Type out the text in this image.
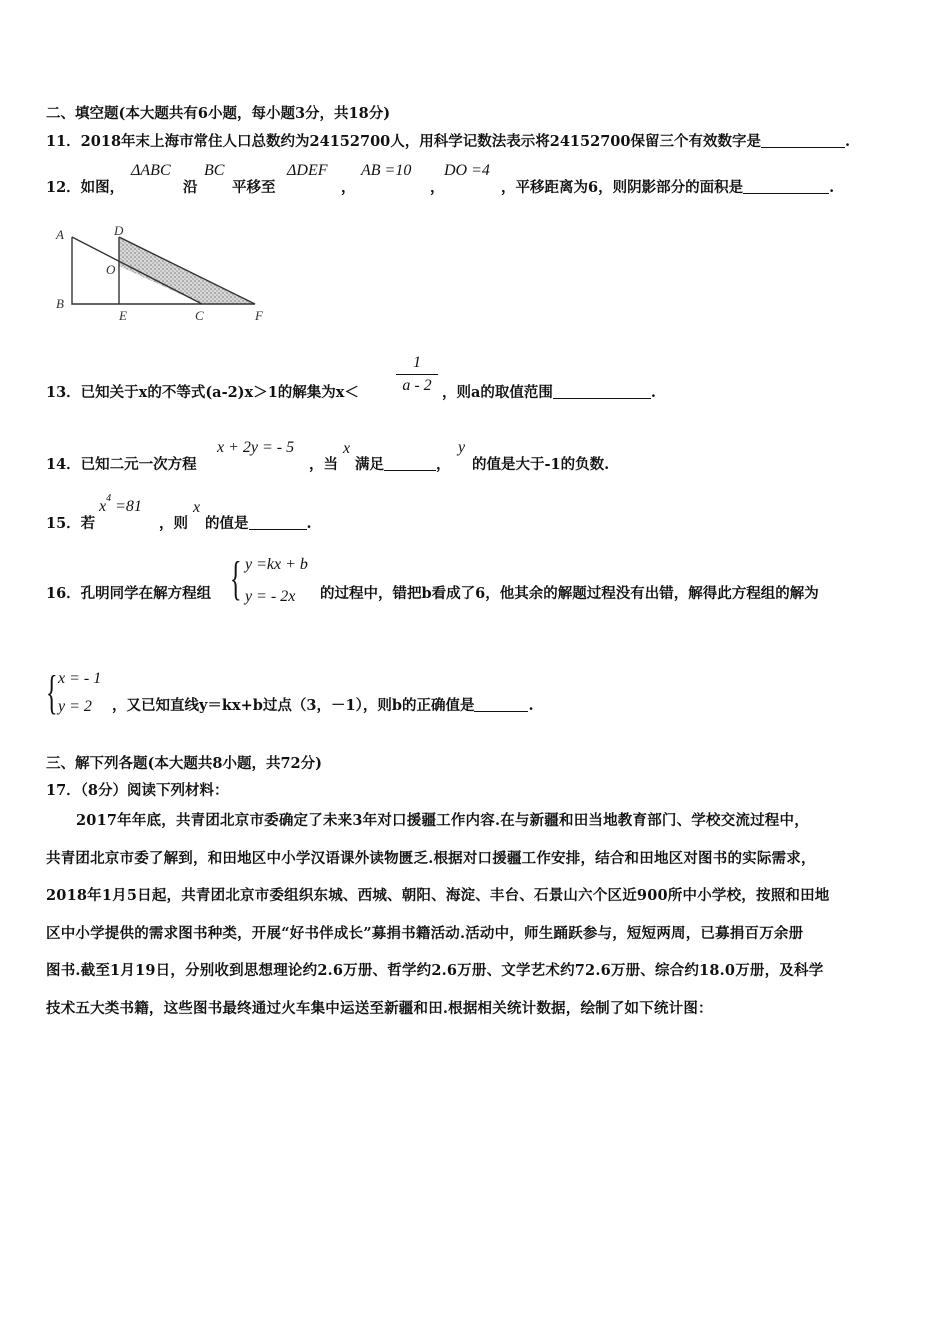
二、填空题(本大题共有6小题，每小题3分，共18分)
11．2018年末上海市常住人口总数约为24152700人，用科学记数法表示将24152700保留三个有效数字是	.
12．如图，
ΔABC
沿
BC
平移至
ΔDEF
，
AB =10
，
DO =4
，平移距离为6，则阴影部分的面积是	.
A
B
D
O
E	C	F
13．已知关于x的不等式(a-2)x＞1的解集为x＜
1
a - 2 ，则a的取值范围	.
14．已知二元一次方程
x + 2y = - 5
，当
x
满足	，
y
的值是大于-1的负数.
15．若
$x^4 =81$
，则
x
的值是	.
16．孔明同学在解方程组 { y =kx + b
y = - 2x 的过程中，错把b看成了6，他其余的解题过程没有出错，解得此方程组的解为
{ x = - 1
y = 2 ，又已知直线y＝kx+b过点（3，－1），则b的正确值是	.
三、解下列各题(本大题共8小题，共72分)
17．（8分）阅读下列材料：
2017年年底，共青团北京市委确定了未来3年对口援疆工作内容.在与新疆和田当地教育部门、学校交流过程中，
共青团北京市委了解到，和田地区中小学汉语课外读物匮乏.根据对口援疆工作安排，结合和田地区对图书的实际需求，
2018年1月5日起，共青团北京市委组织东城、西城、朝阳、海淀、丰台、石景山六个区近900所中小学校，按照和田地
区中小学提供的需求图书种类，开展“好书伴成长”募捐书籍活动.活动中，师生踊跃参与，短短两周，已募捐百万余册
图书.截至1月19日，分别收到思想理论约2.6万册、哲学约2.6万册、文学艺术约72.6万册、综合约18.0万册，及科学
技术五大类书籍，这些图书最终通过火车集中运送至新疆和田.根据相关统计数据，绘制了如下统计图：
